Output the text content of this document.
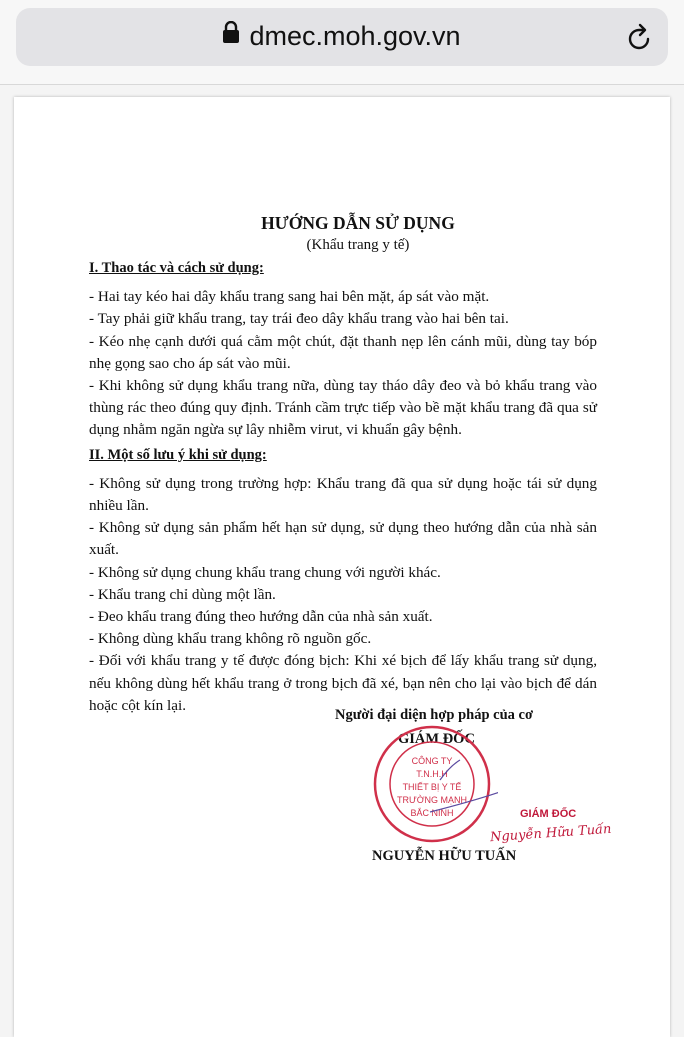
dmec.moh.gov.vn
HƯỚNG DẪN SỬ DỤNG
(Khẩu trang y tế)
I. Thao tác và cách sử dụng:
- Hai tay kéo hai dây khẩu trang sang hai bên mặt, áp sát vào mặt.
- Tay phải giữ khẩu trang, tay trái đeo dây khẩu trang vào hai bên tai.
- Kéo nhẹ cạnh dưới quá cằm một chút, đặt thanh nẹp lên cánh mũi, dùng tay bóp nhẹ gọng sao cho áp sát vào mũi.
- Khi không sử dụng khẩu trang nữa, dùng tay tháo dây đeo và bỏ khẩu trang vào thùng rác theo đúng quy định. Tránh cầm trực tiếp vào bề mặt khẩu trang đã qua sử dụng nhằm ngăn ngừa sự lây nhiễm virut, vi khuẩn gây bệnh.
II. Một số lưu ý khi sử dụng:
- Không sử dụng trong trường hợp: Khẩu trang đã qua sử dụng hoặc tái sử dụng nhiều lần.
- Không sử dụng sản phẩm hết hạn sử dụng, sử dụng theo hướng dẫn của nhà sản xuất.
- Không sử dụng chung khẩu trang chung với người khác.
- Khẩu trang chỉ dùng một lần.
- Đeo khẩu trang đúng theo hướng dẫn của nhà sản xuất.
- Không dùng khẩu trang không rõ nguồn gốc.
- Đối với khẩu trang y tế được đóng bịch: Khi xé bịch để lấy khẩu trang sử dụng, nếu không dùng hết khẩu trang ở trong bịch đã xé, bạn nên cho lại vào bịch để dán hoặc cột kín lại.
Người đại diện hợp pháp của cơ
GIÁM ĐỐC
CÔNG TY
T.N.H.H
THIẾT BỊ Y TẾ
TRƯỜNG MẠNH
BẮC NINH	GIÁM ĐỐC
Nguyễn Hữu Tuấn
NGUYỄN HỮU TUẤN
